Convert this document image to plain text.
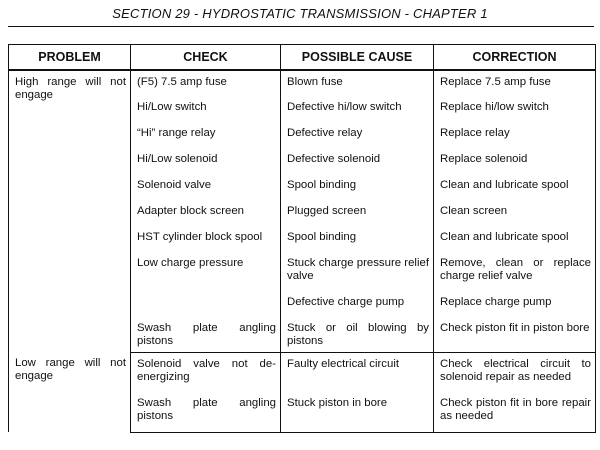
SECTION 29 - HYDROSTATIC TRANSMISSION - CHAPTER 1
PROBLEM	CHECK	POSSIBLE CAUSE	CORRECTION
High range will not engage	(F5) 7.5 amp fuse	Blown fuse	Replace 7.5 amp fuse
	Hi/Low switch	Defective hi/low switch	Replace hi/low switch
	“Hi” range relay	Defective relay	Replace relay
	Hi/Low solenoid	Defective solenoid	Replace solenoid
	Solenoid valve	Spool binding	Clean and lubricate spool
	Adapter block screen	Plugged screen	Clean screen
	HST cylinder block spool	Spool binding	Clean and lubricate spool
	Low charge pressure	Stuck charge pressure relief valve	Remove, clean or replace charge relief valve
		Defective charge pump	Replace charge pump
	Swash plate angling pistons	Stuck or oil blowing by pistons	Check piston fit in piston bore
Low range will not engage	Solenoid valve not de-energizing	Faulty electrical circuit	Check electrical circuit to solenoid repair as needed
	Swash plate angling pistons	Stuck piston in bore	Check piston fit in bore repair as needed
